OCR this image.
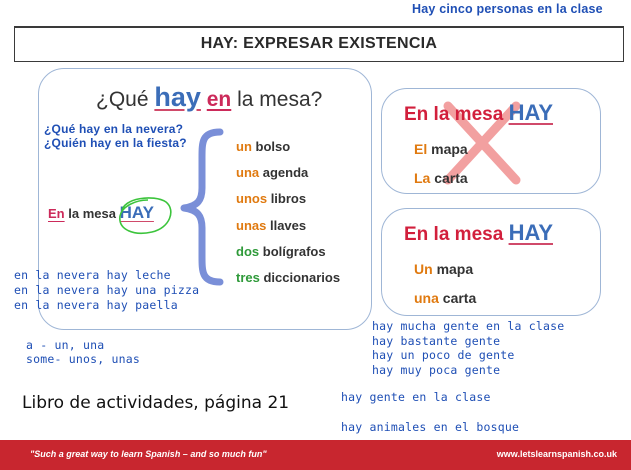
Hay cinco personas en la clase
HAY: EXPRESAR EXISTENCIA
¿Qué hay en la mesa?
En la mesa HAY
un bolso
una agenda
unos libros
unas llaves
dos bolígrafos
tres diccionarios
En la mesa HAY
El mapa
La carta
En la mesa HAY
Un mapa
una carta
¿Qué hay en la nevera?
¿Quién hay en la fiesta?
en la nevera hay leche
en la nevera hay una pizza
en la nevera hay paella
a - un, una
some- unos, unas
hay mucha gente en la clase
hay bastante gente
hay un poco de gente
hay muy poca gente
hay gente en la clase
hay animales en el bosque
Libro de actividades, página 21
"Such a great way to learn Spanish – and so much fun"	www.letslearnspanish.co.uk
